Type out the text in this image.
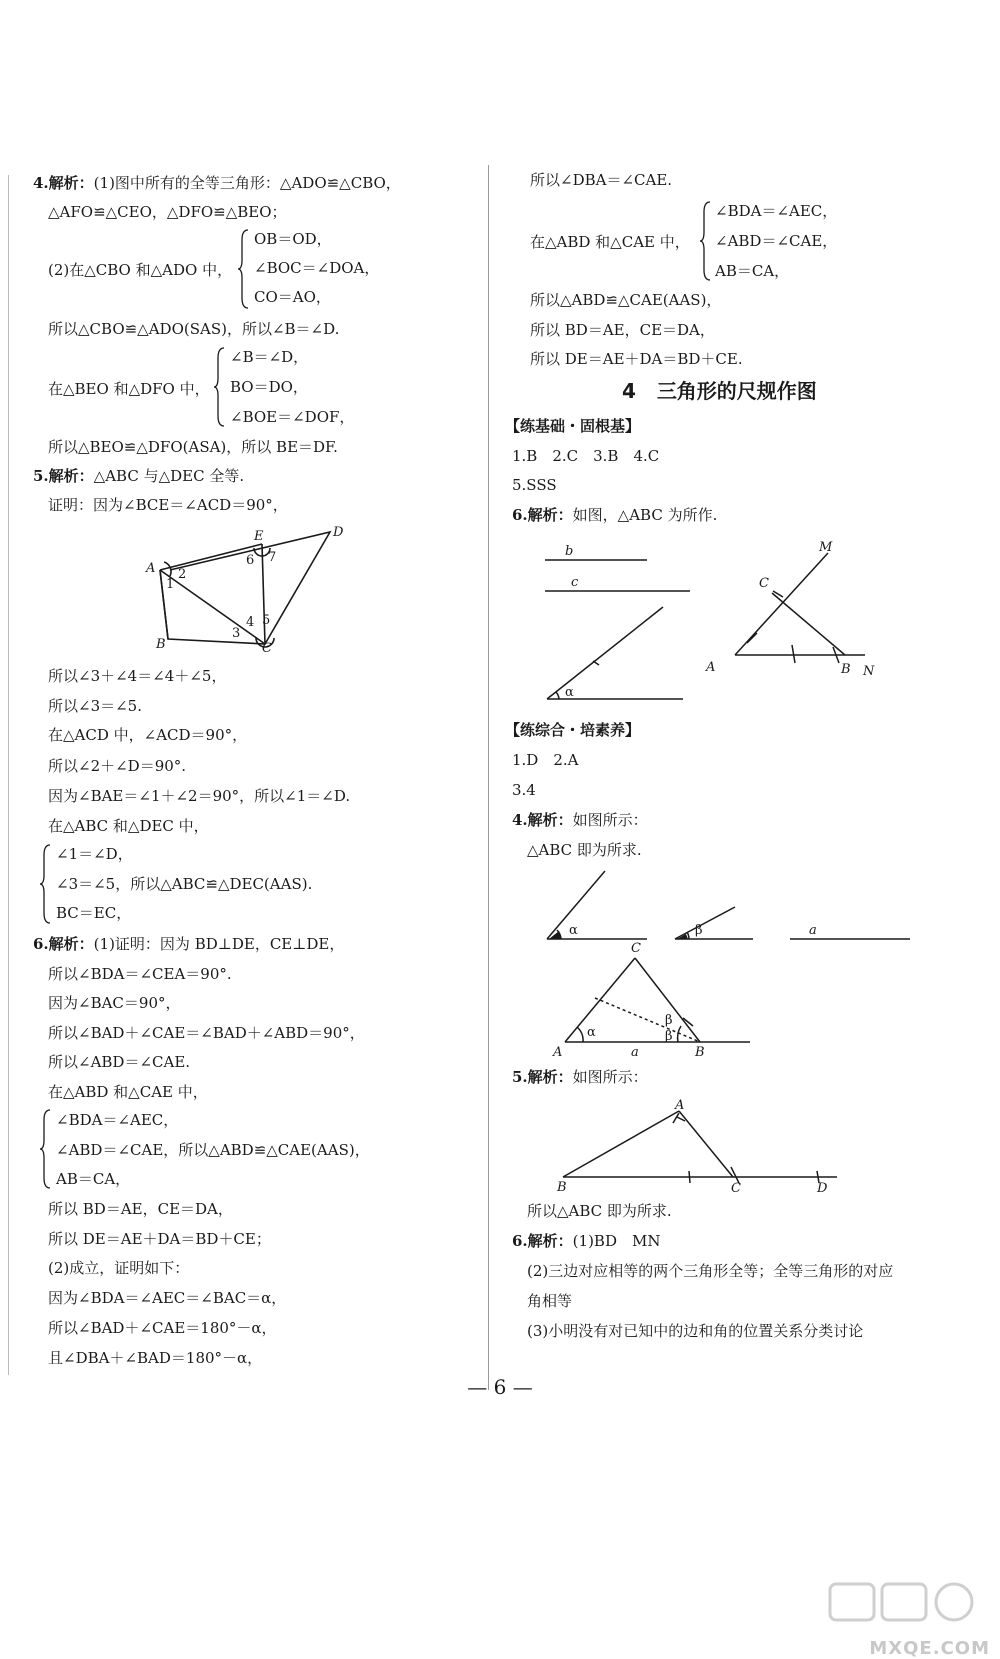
4.解析：(1)图中所有的全等三角形：△ADO≌△CBO，
△AFO≌△CEO，△DFO≌△BEO；
(2)在△CBO 和△ADO 中，
OB＝OD，
∠BOC＝∠DOA，
CO＝AO，
所以△CBO≌△ADO(SAS)，所以∠B＝∠D.
在△BEO 和△DFO 中，
∠B＝∠D，
BO＝DO，
∠BOE＝∠DOF，
所以△BEO≌△DFO(ASA)，所以 BE＝DF.
5.解析：△ABC 与△DEC 全等.
证明：因为∠BCE＝∠ACD＝90°，
A
B	C
D
E
1
2
3
4 5
6 7
所以∠3＋∠4＝∠4＋∠5，
所以∠3＝∠5.
在△ACD 中，∠ACD＝90°，
所以∠2＋∠D＝90°.
因为∠BAE＝∠1＋∠2＝90°，所以∠1＝∠D.
在△ABC 和△DEC 中，
∠1＝∠D，
∠3＝∠5，所以△ABC≌△DEC(AAS).
BC＝EC，
6.解析：(1)证明：因为 BD⊥DE，CE⊥DE，
所以∠BDA＝∠CEA＝90°.
因为∠BAC＝90°，
所以∠BAD＋∠CAE＝∠BAD＋∠ABD＝90°，
所以∠ABD＝∠CAE.
在△ABD 和△CAE 中，
∠BDA＝∠AEC，
∠ABD＝∠CAE，所以△ABD≌△CAE(AAS)，
AB＝CA，
所以 BD＝AE，CE＝DA，
所以 DE＝AE＋DA＝BD＋CE；
(2)成立，证明如下：
因为∠BDA＝∠AEC＝∠BAC＝α，
所以∠BAD＋∠CAE＝180°－α，
且∠DBA＋∠BAD＝180°－α，
所以∠DBA＝∠CAE.
在△ABD 和△CAE 中，
∠BDA＝∠AEC，
∠ABD＝∠CAE，
AB＝CA，
所以△ABD≌△CAE(AAS)，
所以 BD＝AE，CE＝DA，
所以 DE＝AE＋DA＝BD＋CE.
4 三角形的尺规作图
【练基础・固根基】
1.B　2.C　3.B　4.C
5.SSS
6.解析：如图，△ABC 为所作.
b
c
α
M
C
A	B N
【练综合・培素养】
1.D　2.A
3.4
4.解析：如图所示：
△ABC 即为所求.
α	β	a
C
A	B
α
β
β
a
5.解析：如图所示：
A
B	C	D
所以△ABC 即为所求.
6.解析：(1)BD　MN
(2)三边对应相等的两个三角形全等；全等三角形的对应
角相等
(3)小明没有对已知中的边和角的位置关系分类讨论
— 6 —
MXQE.COM
